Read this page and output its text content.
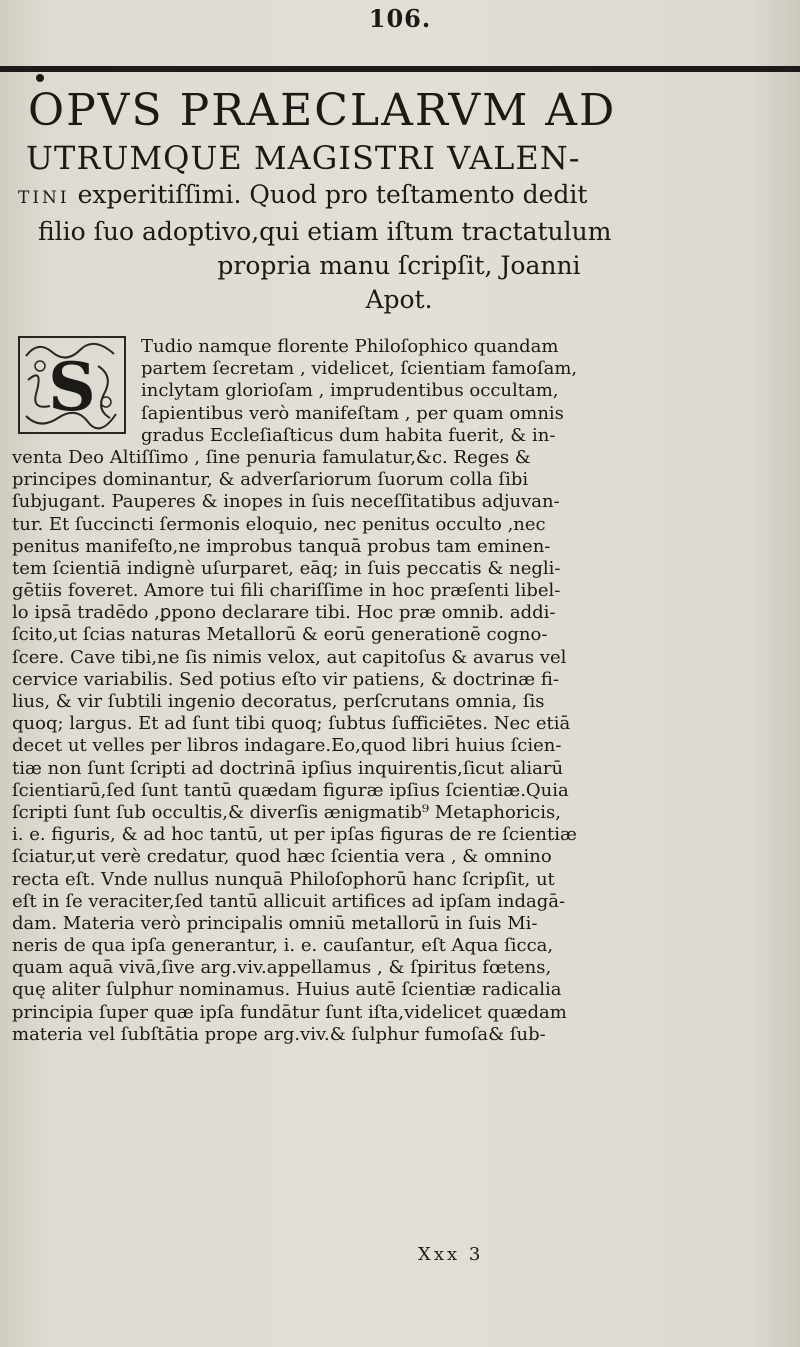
106.
OPVS PRAECLARVM AD
UTRUMQUE MAGISTRI VALEN-
TINI experitiſſimi. Quod pro teſtamento dedit
filio ſuo adoptivo,qui etiam iſtum tractatulum
propria manu ſcripſit, Joanni
Apot.
S
Tudio namque florente Philoſophico quandam
partem ſecretam , videlicet, ſcientiam famoſam,
inclytam glorioſam , imprudentibus occultam,
ſapientibus verò manifeſtam , per quam omnis
gradus Eccleſiaſticus dum habita fuerit, & in-
venta Deo Altiſſimo , ſine penuria famulatur,&c. Reges &
principes dominantur, & adverſariorum ſuorum colla ſibi
ſubjugant. Pauperes & inopes in ſuis neceſſitatibus adjuvan-
tur. Et ſuccincti ſermonis eloquio, nec penitus occulto ,nec
penitus manifeſto,ne improbus tanquā probus tam eminen-
tem ſcientiā indignè uſurparet, eāq; in ſuis peccatis & negli-
gētiis foveret. Amore tui fili chariſſime in hoc præſenti libel-
lo ipsā tradēdo ,ꝑpono declarare tibi. Hoc præ omnib. addi-
ſcito,ut ſcias naturas Metallorū & eorū generationē cogno-
ſcere. Cave tibi,ne ſis nimis velox, aut capitoſus & avarus vel
cervice variabilis. Sed potius eſto vir patiens, & doctrinæ fi-
lius, & vir ſubtili ingenio decoratus, perſcrutans omnia, ſis
quoq; largus. Et ad ſunt tibi quoq; ſubtus ſufficiētes. Nec etiā
decet ut velles per libros indagare.Eo,quod libri huius ſcien-
tiæ non ſunt ſcripti ad doctrinā ipſius inquirentis,ſicut aliarū
ſcientiarū,ſed ſunt tantū quædam figuræ ipſius ſcientiæ.Quia
ſcripti ſunt ſub occultis,& diverſis ænigmatib⁹ Metaphoricis,
i. e. figuris, & ad hoc tantū, ut per ipſas figuras de re ſcientiæ
ſciatur,ut verè credatur, quod hæc ſcientia vera , & omnino
recta eſt. Vnde nullus nunquā Philoſophorū hanc ſcripſit, ut
eſt in ſe veraciter,ſed tantū allicuit artifices ad ipſam indagā-
dam. Materia verò principalis omniū metallorū in ſuis Mi-
neris de qua ipſa generantur, i. e. cauſantur, eſt Aqua ſicca,
quam aquā vivā,ſive arg.viv.appellamus , & ſpiritus fœtens,
quę aliter ſulphur nominamus. Huius autē ſcientiæ radicalia
principia ſuper quæ ipſa fundātur ſunt iſta,videlicet quædam
materia vel ſubſtātia prope arg.viv.& ſulphur fumoſa& ſub-
Xxx 3
